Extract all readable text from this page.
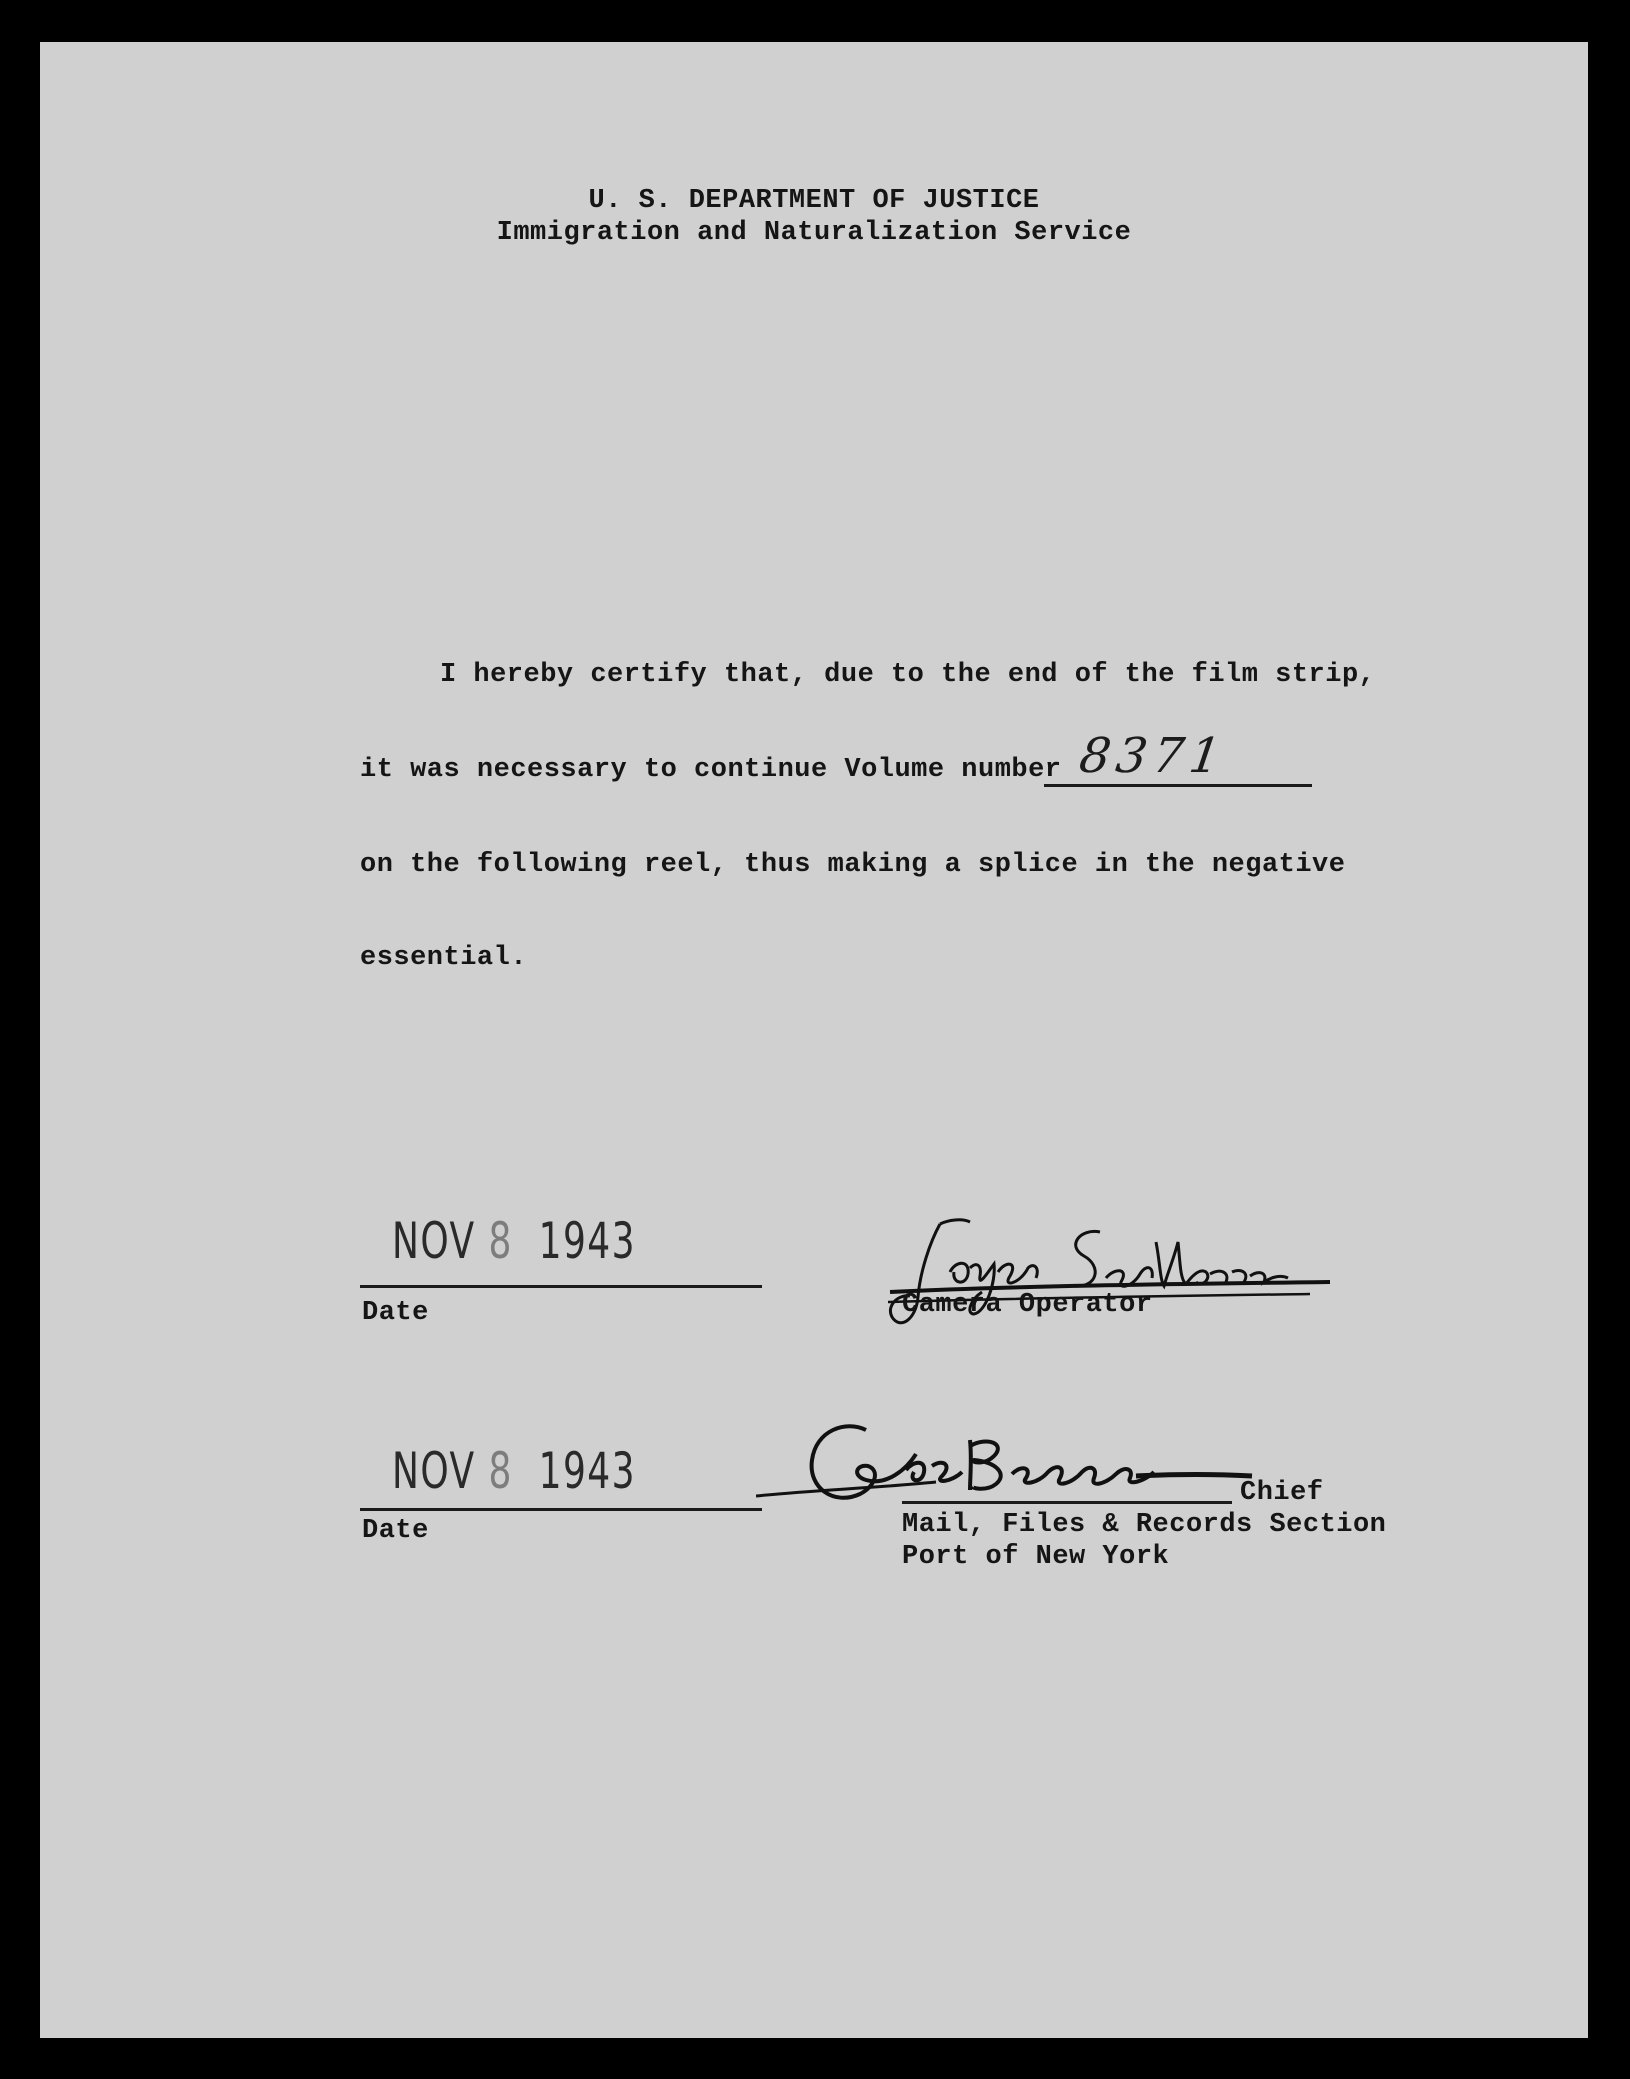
U. S. DEPARTMENT OF JUSTICE
Immigration and Naturalization Service
I hereby certify that, due to the end of the film strip,
it was necessary to continue Volume number 8371
on the following reel, thus making a splice in the negative
essential.
NOV 8 1943
Date	Camera Operator
NOV 8 1943
Date
Chief
Mail, Files & Records Section
Port of New York
